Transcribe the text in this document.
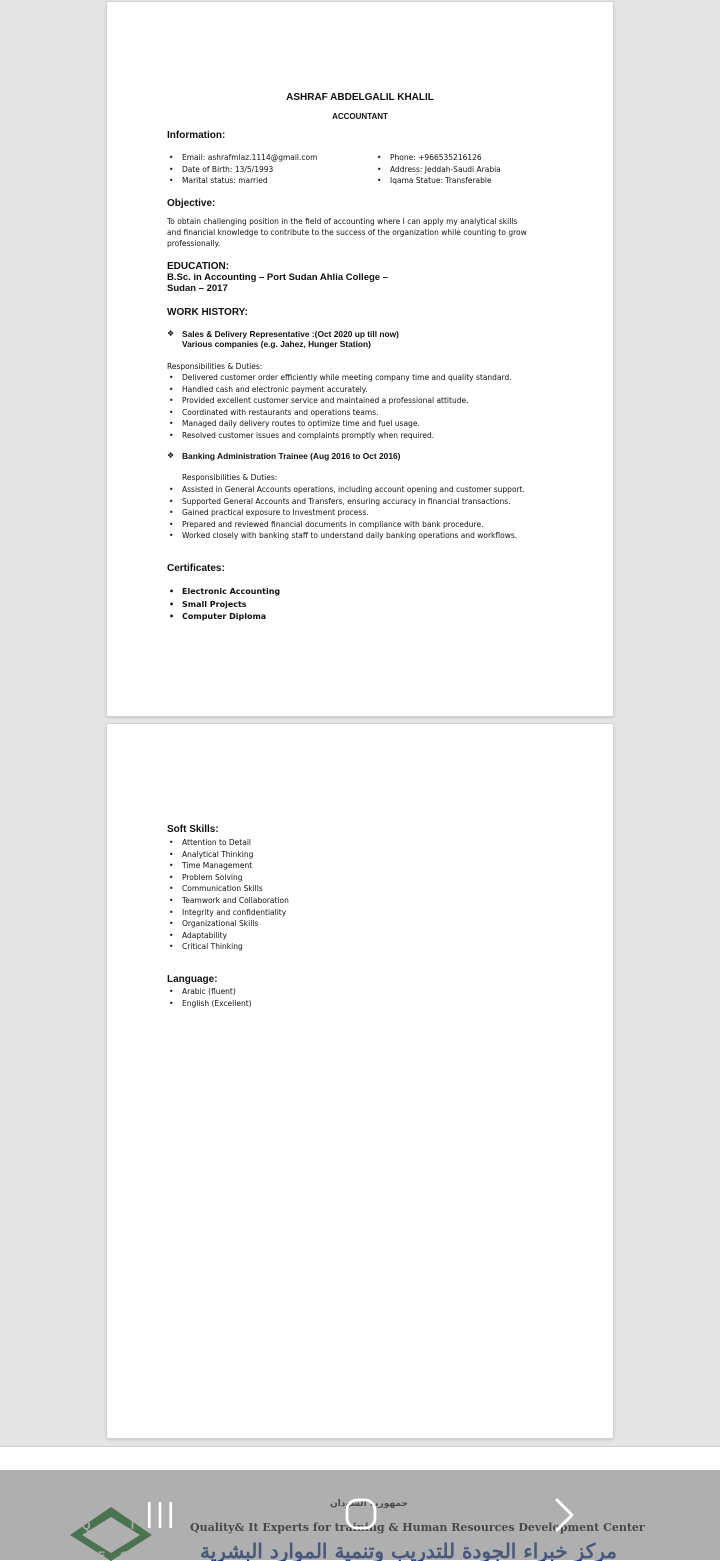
ASHRAF ABDELGALIL KHALIL
ACCOUNTANT
Information:
• Email: ashrafmlaz.1114@gmail.com
• Date of Birth: 13/5/1993
• Marital status: married
• Phone: +966535216126
• Address: Jeddah-Saudi Arabia
• Iqama Statue: Transferable
Objective:
To obtain challenging position in the field of accounting where I can apply my analytical skills and financial knowledge to contribute to the success of the organization while counting to grow professionally.
EDUCATION:
B.Sc. in Accounting – Port Sudan Ahlia College –
Sudan – 2017
WORK HISTORY:
❖ Sales & Delivery Representative :(Oct 2020 up till now)
Various companies (e.g. Jahez, Hunger Station)
Responsibilities & Duties:
• Delivered customer order efficiently while meeting company time and quality standard.
• Handled cash and electronic payment accurately.
• Provided excellent customer service and maintained a professional attitude.
• Coordinated with restaurants and operations teams.
• Managed daily delivery routes to optimize time and fuel usage.
• Resolved customer issues and complaints promptly when required.
❖ Banking Administration Trainee (Aug 2016 to Oct 2016)
Responsibilities & Duties:
• Assisted in General Accounts operations, including account opening and customer support.
• Supported General Accounts and Transfers, ensuring accuracy in financial transactions.
• Gained practical exposure to Investment process.
• Prepared and reviewed financial documents in compliance with bank procedure.
• Worked closely with banking staff to understand daily banking operations and workflows.
Certificates:
• Electronic Accounting
• Small Projects
• Computer Diploma
Soft Skills:
• Attention to Detail
• Analytical Thinking
• Time Management
• Problem Solving
• Communication Skills
• Teamwork and Collaboration
• Integrity and confidentiality
• Organizational Skills
• Adaptability
• Critical Thinking
Language:
• Arabic (fluent)
• English (Excellent)
